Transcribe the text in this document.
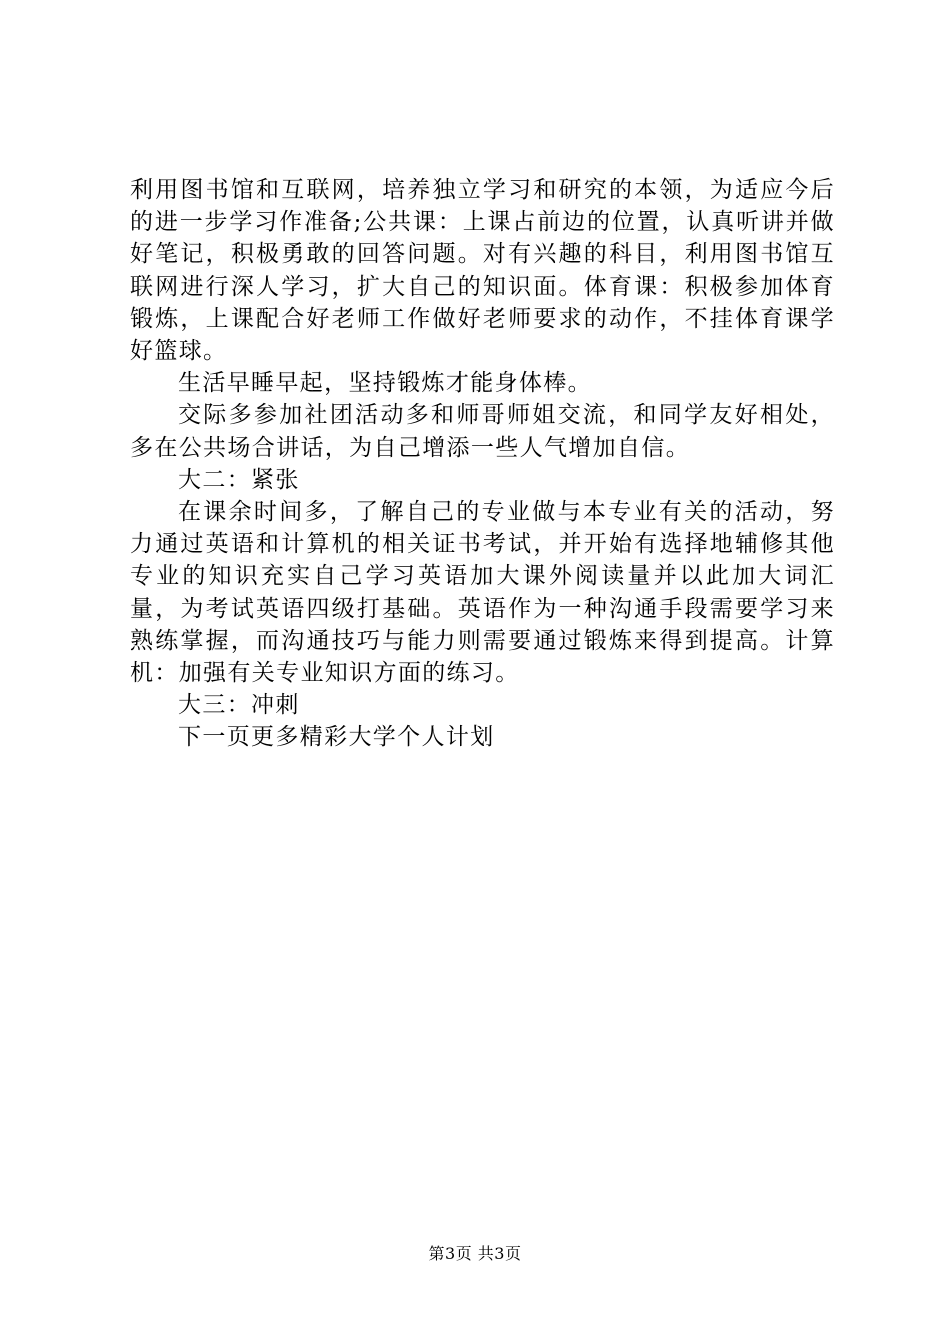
利用图书馆和互联网，培养独立学习和研究的本领，为适应今后的进一步学习作准备;公共课：上课占前边的位置，认真听讲并做好笔记，积极勇敢的回答问题。对有兴趣的科目，利用图书馆互联网进行深人学习，扩大自己的知识面。体育课：积极参加体育锻炼，上课配合好老师工作做好老师要求的动作，不挂体育课学好篮球。

生活早睡早起，坚持锻炼才能身体棒。

交际多参加社团活动多和师哥师姐交流，和同学友好相处，多在公共场合讲话，为自己增添一些人气增加自信。

大二：紧张

在课余时间多，了解自己的专业做与本专业有关的活动，努力通过英语和计算机的相关证书考试，并开始有选择地辅修其他专业的知识充实自己学习英语加大课外阅读量并以此加大词汇量，为考试英语四级打基础。英语作为一种沟通手段需要学习来熟练掌握，而沟通技巧与能力则需要通过锻炼来得到提高。计算机：加强有关专业知识方面的练习。

大三：冲刺

下一页更多精彩大学个人计划

第3页 共3页
